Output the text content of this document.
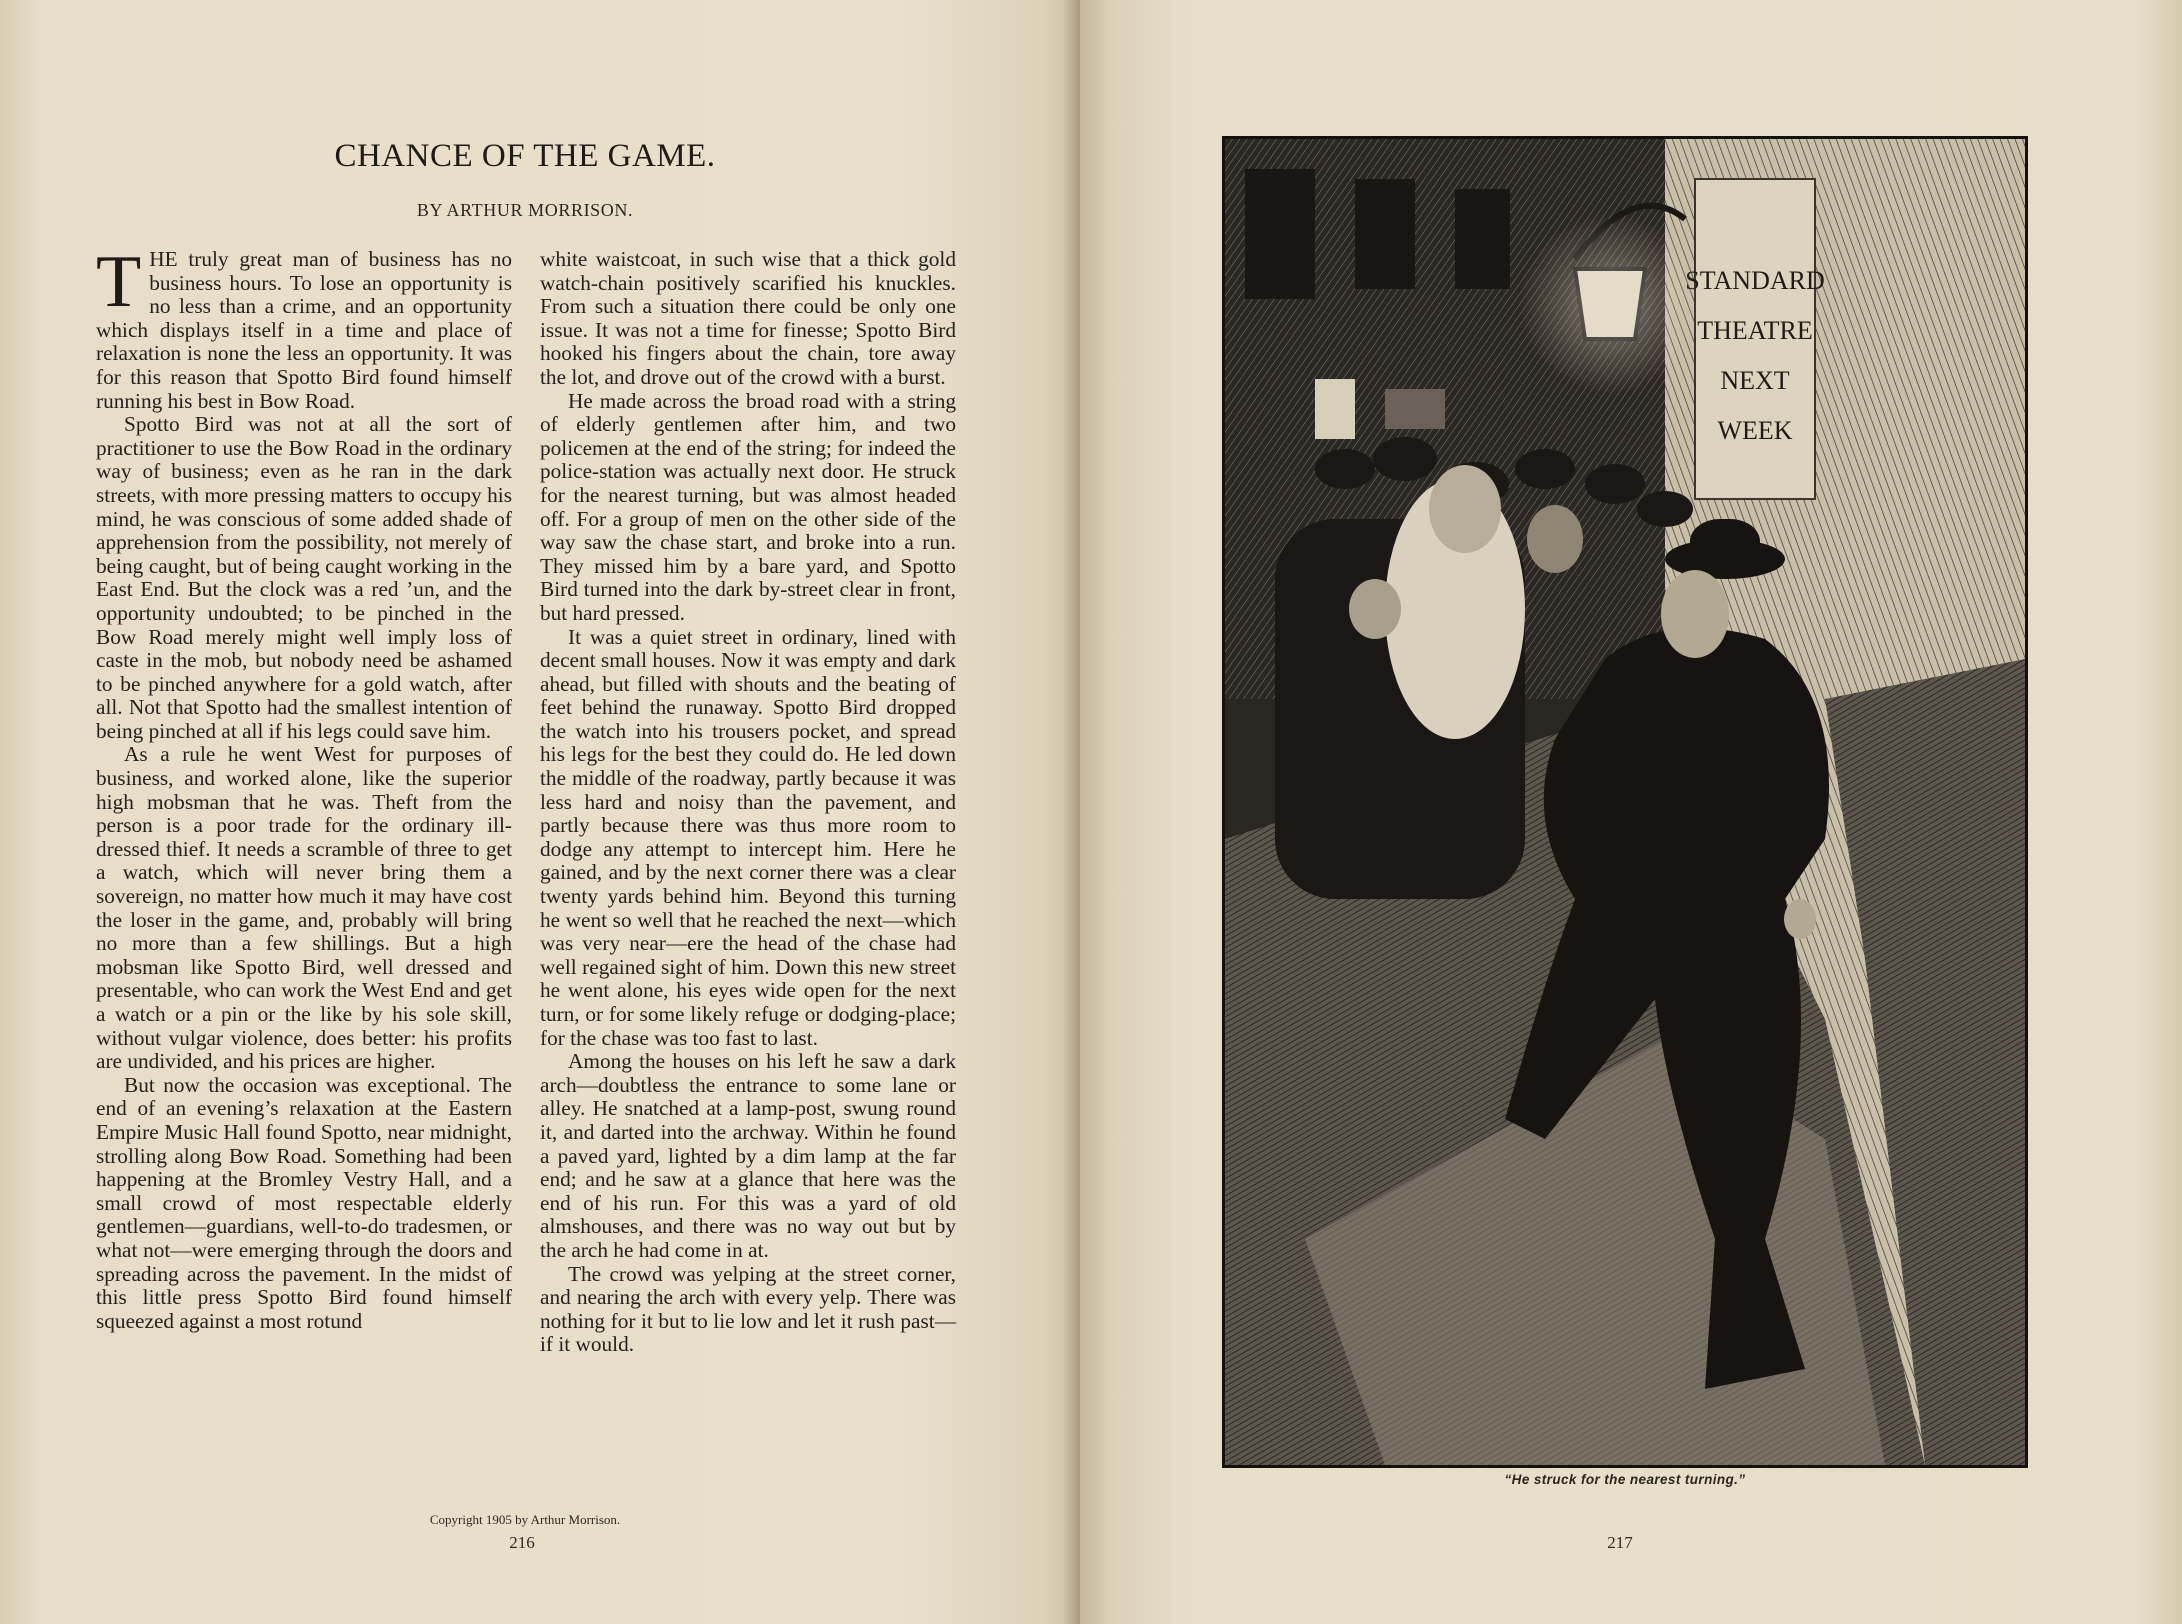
CHANCE OF THE GAME.
BY ARTHUR MORRISON.

THE truly great man of business has no business hours. To lose an opportunity is no less than a crime, and an opportunity which displays itself in a time and place of relaxation is none the less an opportunity. It was for this reason that Spotto Bird found himself running his best in Bow Road.

Spotto Bird was not at all the sort of practitioner to use the Bow Road in the ordinary way of business; even as he ran in the dark streets, with more pressing matters to occupy his mind, he was conscious of some added shade of apprehension from the possibility, not merely of being caught, but of being caught working in the East End. But the clock was a red ’un, and the opportunity undoubted; to be pinched in the Bow Road merely might well imply loss of caste in the mob, but nobody need be ashamed to be pinched anywhere for a gold watch, after all. Not that Spotto had the smallest intention of being pinched at all if his legs could save him.

As a rule he went West for purposes of business, and worked alone, like the superior high mobsman that he was. Theft from the person is a poor trade for the ordinary ill-dressed thief. It needs a scramble of three to get a watch, which will never bring them a sovereign, no matter how much it may have cost the loser in the game, and, probably will bring no more than a few shillings. But a high mobsman like Spotto Bird, well dressed and presentable, who can work the West End and get a watch or a pin or the like by his sole skill, without vulgar violence, does better: his profits are undivided, and his prices are higher.

But now the occasion was exceptional. The end of an evening’s relaxation at the Eastern Empire Music Hall found Spotto, near midnight, strolling along Bow Road. Something had been happening at the Bromley Vestry Hall, and a small crowd of most respectable elderly gentlemen—guardians, well-to-do tradesmen, or what not—were emerging through the doors and spreading across the pavement. In the midst of this little press Spotto Bird found himself squeezed against a most rotund

white waistcoat, in such wise that a thick gold watch-chain positively scarified his knuckles. From such a situation there could be only one issue. It was not a time for finesse; Spotto Bird hooked his fingers about the chain, tore away the lot, and drove out of the crowd with a burst.

He made across the broad road with a string of elderly gentlemen after him, and two policemen at the end of the string; for indeed the police-station was actually next door. He struck for the nearest turning, but was almost headed off. For a group of men on the other side of the way saw the chase start, and broke into a run. They missed him by a bare yard, and Spotto Bird turned into the dark by-street clear in front, but hard pressed.

It was a quiet street in ordinary, lined with decent small houses. Now it was empty and dark ahead, but filled with shouts and the beating of feet behind the runaway. Spotto Bird dropped the watch into his trousers pocket, and spread his legs for the best they could do. He led down the middle of the roadway, partly because it was less hard and noisy than the pavement, and partly because there was thus more room to dodge any attempt to intercept him. Here he gained, and by the next corner there was a clear twenty yards behind him. Beyond this turning he went so well that he reached the next—which was very near—ere the head of the chase had well regained sight of him. Down this new street he went alone, his eyes wide open for the next turn, or for some likely refuge or dodging-place; for the chase was too fast to last.

Among the houses on his left he saw a dark arch—doubtless the entrance to some lane or alley. He snatched at a lamp-post, swung round it, and darted into the archway. Within he found a paved yard, lighted by a dim lamp at the far end; and he saw at a glance that here was the end of his run. For this was a yard of old almshouses, and there was no way out but by the arch he had come in at.

The crowd was yelping at the street corner, and nearing the arch with every yelp. There was nothing for it but to lie low and let it rush past—if it would.

Copyright 1905 by Arthur Morrison.
216
STANDARD
THEATRE
NEXT
WEEK
“He struck for the nearest turning.”
217
